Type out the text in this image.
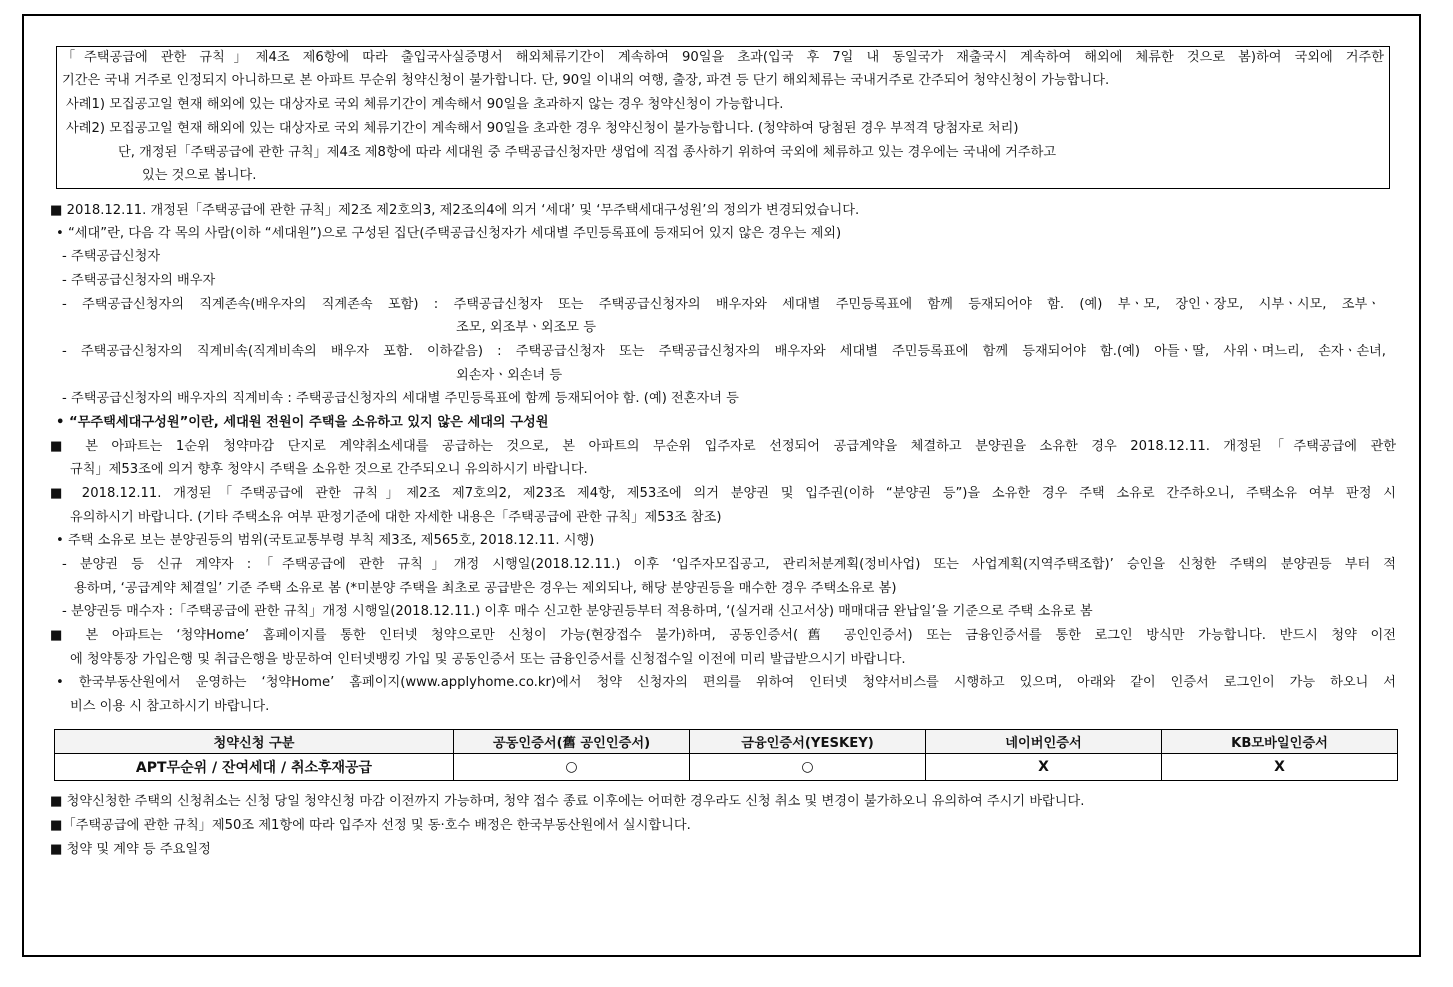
「주택공급에 관한 규칙」제4조 제6항에 따라 출입국사실증명서 해외체류기간이 계속하여 90일을 초과(입국 후 7일 내 동일국가 재출국시 계속하여 해외에 체류한 것으로 봄)하여 국외에 거주한
기간은 국내 거주로 인정되지 아니하므로 본 아파트 무순위 청약신청이 불가합니다. 단, 90일 이내의 여행, 출장, 파견 등 단기 해외체류는 국내거주로 간주되어 청약신청이 가능합니다.
사례1) 모집공고일 현재 해외에 있는 대상자로 국외 체류기간이 계속해서 90일을 초과하지 않는 경우 청약신청이 가능합니다.
사례2) 모집공고일 현재 해외에 있는 대상자로 국외 체류기간이 계속해서 90일을 초과한 경우 청약신청이 불가능합니다. (청약하여 당첨된 경우 부적격 당첨자로 처리)
단, 개정된「주택공급에 관한 규칙」제4조 제8항에 따라 세대원 중 주택공급신청자만 생업에 직접 종사하기 위하여 국외에 체류하고 있는 경우에는 국내에 거주하고
있는 것으로 봅니다.
■ 2018.12.11. 개정된「주택공급에 관한 규칙」제2조 제2호의3, 제2조의4에 의거 ‘세대’ 및 ‘무주택세대구성원’의 정의가 변경되었습니다.
• “세대”란, 다음 각 목의 사람(이하 “세대원”)으로 구성된 집단(주택공급신청자가 세대별 주민등록표에 등재되어 있지 않은 경우는 제외)
- 주택공급신청자
- 주택공급신청자의 배우자
- 주택공급신청자의 직계존속(배우자의 직계존속 포함) : 주택공급신청자 또는 주택공급신청자의 배우자와 세대별 주민등록표에 함께 등재되어야 함. (예) 부ㆍ모, 장인ㆍ장모, 시부ㆍ시모, 조부ㆍ
조모, 외조부ㆍ외조모 등
- 주택공급신청자의 직계비속(직계비속의 배우자 포함. 이하같음) : 주택공급신청자 또는 주택공급신청자의 배우자와 세대별 주민등록표에 함께 등재되어야 함.(예) 아들ㆍ딸, 사위ㆍ며느리, 손자ㆍ손녀,
외손자ㆍ외손녀 등
- 주택공급신청자의 배우자의 직계비속 : 주택공급신청자의 세대별 주민등록표에 함께 등재되어야 함. (예) 전혼자녀 등
• “무주택세대구성원”이란, 세대원 전원이 주택을 소유하고 있지 않은 세대의 구성원
■ 본 아파트는 1순위 청약마감 단지로 계약취소세대를 공급하는 것으로, 본 아파트의 무순위 입주자로 선정되어 공급계약을 체결하고 분양권을 소유한 경우 2018.12.11. 개정된「주택공급에 관한
규칙」제53조에 의거 향후 청약시 주택을 소유한 것으로 간주되오니 유의하시기 바랍니다.
■ 2018.12.11. 개정된「주택공급에 관한 규칙」제2조 제7호의2, 제23조 제4항, 제53조에 의거 분양권 및 입주권(이하 “분양권 등”)을 소유한 경우 주택 소유로 간주하오니, 주택소유 여부 판정 시
유의하시기 바랍니다. (기타 주택소유 여부 판정기준에 대한 자세한 내용은「주택공급에 관한 규칙」제53조 참조)
• 주택 소유로 보는 분양권등의 범위(국토교통부령 부칙 제3조, 제565호, 2018.12.11. 시행)
- 분양권 등 신규 계약자 :「주택공급에 관한 규칙」개정 시행일(2018.12.11.) 이후 ‘입주자모집공고, 관리처분계획(정비사업) 또는 사업계획(지역주택조합)’ 승인을 신청한 주택의 분양권등 부터 적
용하며, ‘공급계약 체결일’ 기준 주택 소유로 봄 (*미분양 주택을 최초로 공급받은 경우는 제외되나, 해당 분양권등을 매수한 경우 주택소유로 봄)
- 분양권등 매수자 :「주택공급에 관한 규칙」개정 시행일(2018.12.11.) 이후 매수 신고한 분양권등부터 적용하며, ‘(실거래 신고서상) 매매대금 완납일’을 기준으로 주택 소유로 봄
■ 본 아파트는 ‘청약Home’ 홈페이지를 통한 인터넷 청약으로만 신청이 가능(현장접수 불가)하며, 공동인증서(舊 공인인증서) 또는 금융인증서를 통한 로그인 방식만 가능합니다. 반드시 청약 이전
에 청약통장 가입은행 및 취급은행을 방문하여 인터넷뱅킹 가입 및 공동인증서 또는 금융인증서를 신청접수일 이전에 미리 발급받으시기 바랍니다.
• 한국부동산원에서 운영하는 ‘청약Home’ 홈페이지(www.applyhome.co.kr)에서 청약 신청자의 편의를 위하여 인터넷 청약서비스를 시행하고 있으며, 아래와 같이 인증서 로그인이 가능 하오니 서
비스 이용 시 참고하시기 바랍니다.
청약신청 구분	공동인증서(舊 공인인증서)	금융인증서(YESKEY)	네이버인증서	KB모바일인증서
APT무순위 / 잔여세대 / 취소후재공급	○	○	X	X
■ 청약신청한 주택의 신청취소는 신청 당일 청약신청 마감 이전까지 가능하며, 청약 접수 종료 이후에는 어떠한 경우라도 신청 취소 및 변경이 불가하오니 유의하여 주시기 바랍니다.
■「주택공급에 관한 규칙」제50조 제1항에 따라 입주자 선정 및 동·호수 배정은 한국부동산원에서 실시합니다.
■ 청약 및 계약 등 주요일정
